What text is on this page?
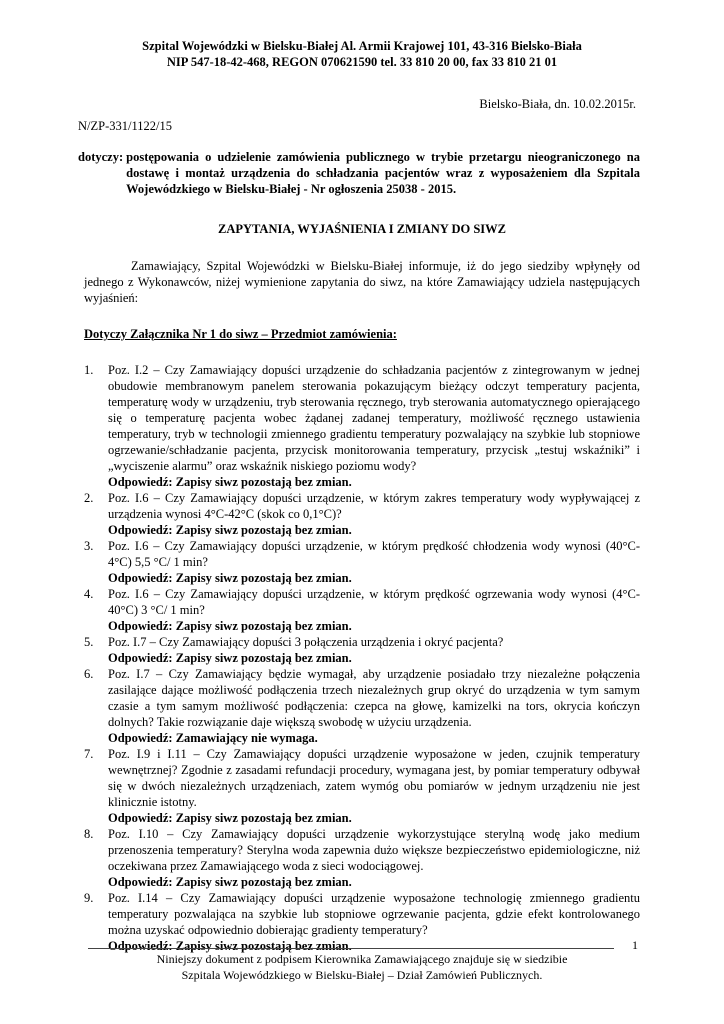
Szpital Wojewódzki w Bielsku-Białej Al. Armii Krajowej 101, 43-316 Bielsko-Biała
NIP 547-18-42-468, REGON 070621590 tel. 33 810 20 00, fax 33 810 21 01
Bielsko-Biała, dn. 10.02.2015r.
N/ZP-331/1122/15
dotyczy: postępowania o udzielenie zamówienia publicznego w trybie przetargu nieograniczonego na dostawę i montaż urządzenia do schładzania pacjentów wraz z wyposażeniem dla Szpitala Wojewódzkiego w Bielsku-Białej - Nr ogłoszenia 25038 - 2015.
ZAPYTANIA, WYJAŚNIENIA I ZMIANY DO SIWZ
Zamawiający, Szpital Wojewódzki w Bielsku-Białej informuje, iż do jego siedziby wpłynęły od jednego z Wykonawców, niżej wymienione zapytania do siwz, na które Zamawiający udziela następujących wyjaśnień:
Dotyczy Załącznika Nr 1 do siwz – Przedmiot zamówienia:
1. Poz. I.2 – Czy Zamawiający dopuści urządzenie do schładzania pacjentów z zintegrowanym w jednej obudowie membranowym panelem sterowania pokazującym bieżący odczyt temperatury pacjenta, temperaturę wody w urządzeniu, tryb sterowania ręcznego, tryb sterowania automatycznego opierającego się o temperaturę pacjenta wobec żądanej zadanej temperatury, możliwość ręcznego ustawienia temperatury, tryb w technologii zmiennego gradientu temperatury pozwalający na szybkie lub stopniowe ogrzewanie/schładzanie pacjenta, przycisk monitorowania temperatury, przycisk „testuj wskaźniki” i „wyciszenie alarmu” oraz wskaźnik niskiego poziomu wody?
Odpowiedź: Zapisy siwz pozostają bez zmian.
2. Poz. I.6 – Czy Zamawiający dopuści urządzenie, w którym zakres temperatury wody wypływającej z urządzenia wynosi 4°C-42°C (skok co 0,1°C)?
Odpowiedź: Zapisy siwz pozostają bez zmian.
3. Poz. I.6 – Czy Zamawiający dopuści urządzenie, w którym prędkość chłodzenia wody wynosi (40°C-4°C) 5,5 °C/ 1 min?
Odpowiedź: Zapisy siwz pozostają bez zmian.
4. Poz. I.6 – Czy Zamawiający dopuści urządzenie, w którym prędkość ogrzewania wody wynosi (4°C-40°C) 3 °C/ 1 min?
Odpowiedź: Zapisy siwz pozostają bez zmian.
5. Poz. I.7 – Czy Zamawiający dopuści 3 połączenia urządzenia i okryć pacjenta?
Odpowiedź: Zapisy siwz pozostają bez zmian.
6. Poz. I.7 – Czy Zamawiający będzie wymagał, aby urządzenie posiadało trzy niezależne połączenia zasilające dające możliwość podłączenia trzech niezależnych grup okryć do urządzenia w tym samym czasie a tym samym możliwość podłączenia: czepca na głowę, kamizelki na tors, okrycia kończyn dolnych? Takie rozwiązanie daje większą swobodę w użyciu urządzenia.
Odpowiedź: Zamawiający nie wymaga.
7. Poz. I.9 i I.11 – Czy Zamawiający dopuści urządzenie wyposażone w jeden, czujnik temperatury wewnętrznej? Zgodnie z zasadami refundacji procedury, wymagana jest, by pomiar temperatury odbywał się w dwóch niezależnych urządzeniach, zatem wymóg obu pomiarów w jednym urządzeniu nie jest klinicznie istotny.
Odpowiedź: Zapisy siwz pozostają bez zmian.
8. Poz. I.10 – Czy Zamawiający dopuści urządzenie wykorzystujące sterylną wodę jako medium przenoszenia temperatury? Sterylna woda zapewnia dużo większe bezpieczeństwo epidemiologiczne, niż oczekiwana przez Zamawiającego woda z sieci wodociągowej.
Odpowiedź: Zapisy siwz pozostają bez zmian.
9. Poz. I.14 – Czy Zamawiający dopuści urządzenie wyposażone technologię zmiennego gradientu temperatury pozwalająca na szybkie lub stopniowe ogrzewanie pacjenta, gdzie efekt kontrolowanego można uzyskać odpowiednio dobierając gradienty temperatury?
Odpowiedź: Zapisy siwz pozostają bez zmian.	1
Niniejszy dokument z podpisem Kierownika Zamawiającego znajduje się w siedzibie
Szpitala Wojewódzkiego w Bielsku-Białej – Dział Zamówień Publicznych.
